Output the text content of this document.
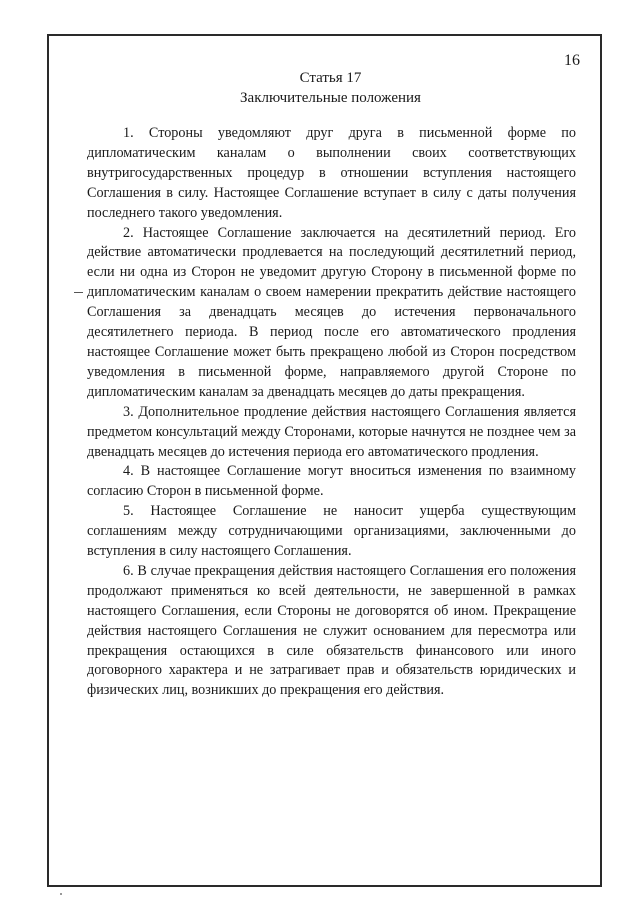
16
Статья 17
Заключительные положения

1. Стороны уведомляют друг друга в письменной форме по дипломатическим каналам о выполнении своих соответствующих внутригосударственных процедур в отношении вступления настоящего Соглашения в силу. Настоящее Соглашение вступает в силу с даты получения последнего такого уведомления.

2. Настоящее Соглашение заключается на десятилетний период. Его действие автоматически продлевается на последующий десятилетний период, если ни одна из Сторон не уведомит другую Сторону в письменной форме по дипломатическим каналам о своем намерении прекратить действие настоящего Соглашения за двенадцать месяцев до истечения первоначального десятилетнего периода. В период после его автоматического продления настоящее Соглашение может быть прекращено любой из Сторон посредством уведомления в письменной форме, направляемого другой Стороне по дипломатическим каналам за двенадцать месяцев до даты прекращения.

3. Дополнительное продление действия настоящего Соглашения является предметом консультаций между Сторонами, которые начнутся не позднее чем за двенадцать месяцев до истечения периода его автоматического продления.

4. В настоящее Соглашение могут вноситься изменения по взаимному согласию Сторон в письменной форме.

5. Настоящее Соглашение не наносит ущерба существующим соглашениям между сотрудничающими организациями, заключенными до вступления в силу настоящего Соглашения.

6. В случае прекращения действия настоящего Соглашения его положения продолжают применяться ко всей деятельности, не завершенной в рамках настоящего Соглашения, если Стороны не договорятся об ином. Прекращение действия настоящего Соглашения не служит основанием для пересмотра или прекращения остающихся в силе обязательств финансового или иного договорного характера и не затрагивает прав и обязательств юридических и физических лиц, возникших до прекращения его действия.
